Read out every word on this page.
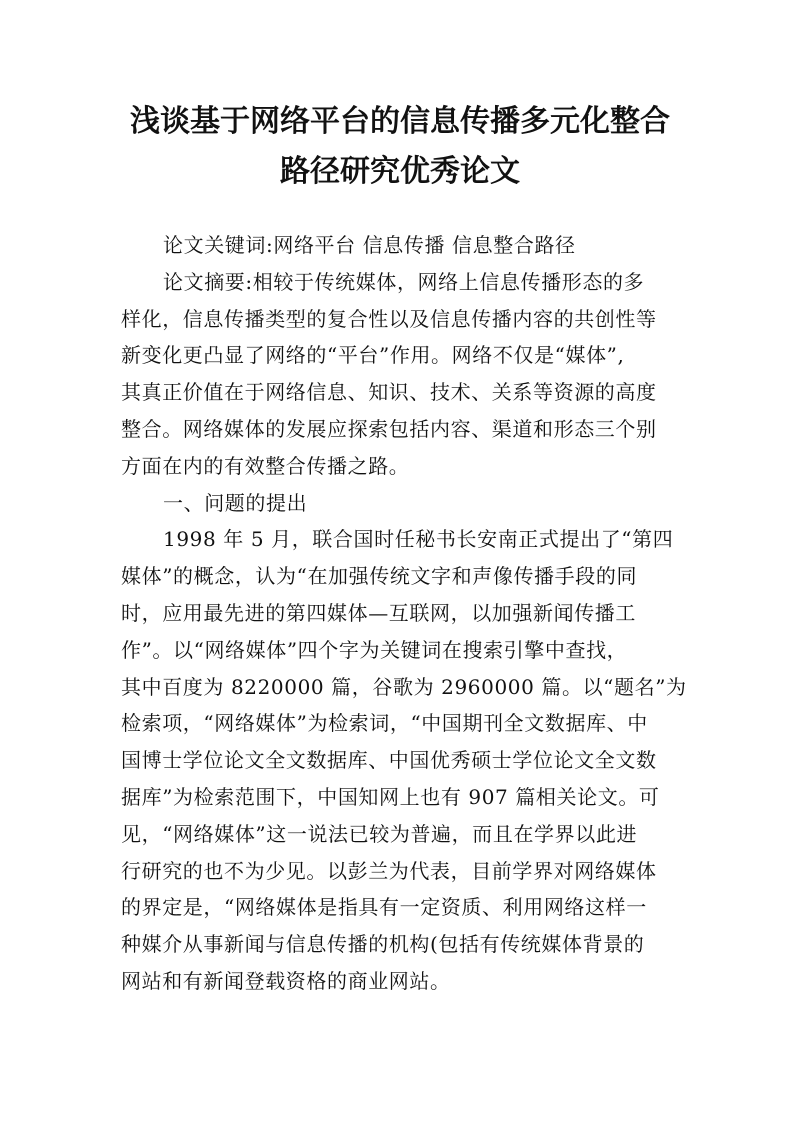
浅谈基于网络平台的信息传播多元化整合
路径研究优秀论文
论文关键词:网络平台 信息传播 信息整合路径
论文摘要:相较于传统媒体，网络上信息传播形态的多
样化，信息传播类型的复合性以及信息传播内容的共创性等
新变化更凸显了网络的“平台”作用。网络不仅是“媒体”,
其真正价值在于网络信息、知识、技术、关系等资源的高度
整合。网络媒体的发展应探索包括内容、渠道和形态三个别
方面在内的有效整合传播之路。
一、问题的提出
1998 年 5 月，联合国时任秘书长安南正式提出了“第四
媒体”的概念，认为“在加强传统文字和声像传播手段的同
时，应用最先进的第四媒体—互联网，以加强新闻传播工
作”。以“网络媒体”四个字为关键词在搜索引擎中查找，
其中百度为 8220000 篇，谷歌为 2960000 篇。以“题名”为
检索项，“网络媒体”为检索词，“中国期刊全文数据库、中
国博士学位论文全文数据库、中国优秀硕士学位论文全文数
据库”为检索范围下，中国知网上也有 907 篇相关论文。可
见，“网络媒体”这一说法已较为普遍，而且在学界以此进
行研究的也不为少见。以彭兰为代表，目前学界对网络媒体
的界定是，“网络媒体是指具有一定资质、利用网络这样一
种媒介从事新闻与信息传播的机构(包括有传统媒体背景的
网站和有新闻登载资格的商业网站。
